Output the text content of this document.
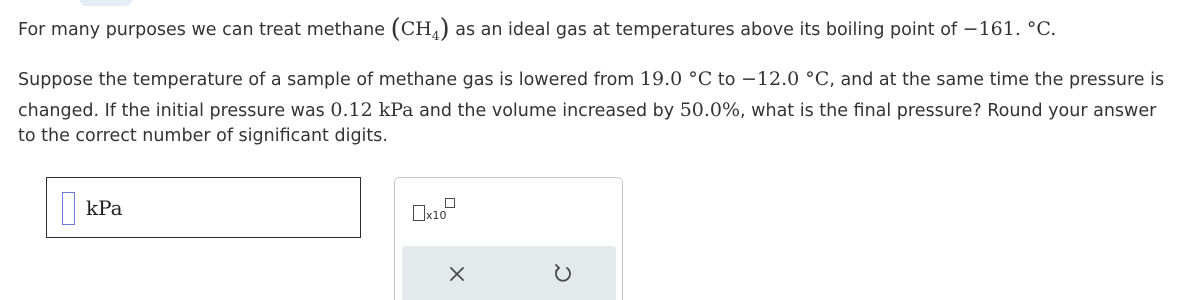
For many purposes we can treat methane $(CH_4)$ as an ideal gas at temperatures above its boiling point of −161. °C.
Suppose the temperature of a sample of methane gas is lowered from 19.0 °C to −12.0 °C, and at the same time the pressure is
changed. If the initial pressure was 0.12 kPa and the volume increased by 50.0%, what is the final pressure? Round your answer
to the correct number of significant digits.
kPa	x10
